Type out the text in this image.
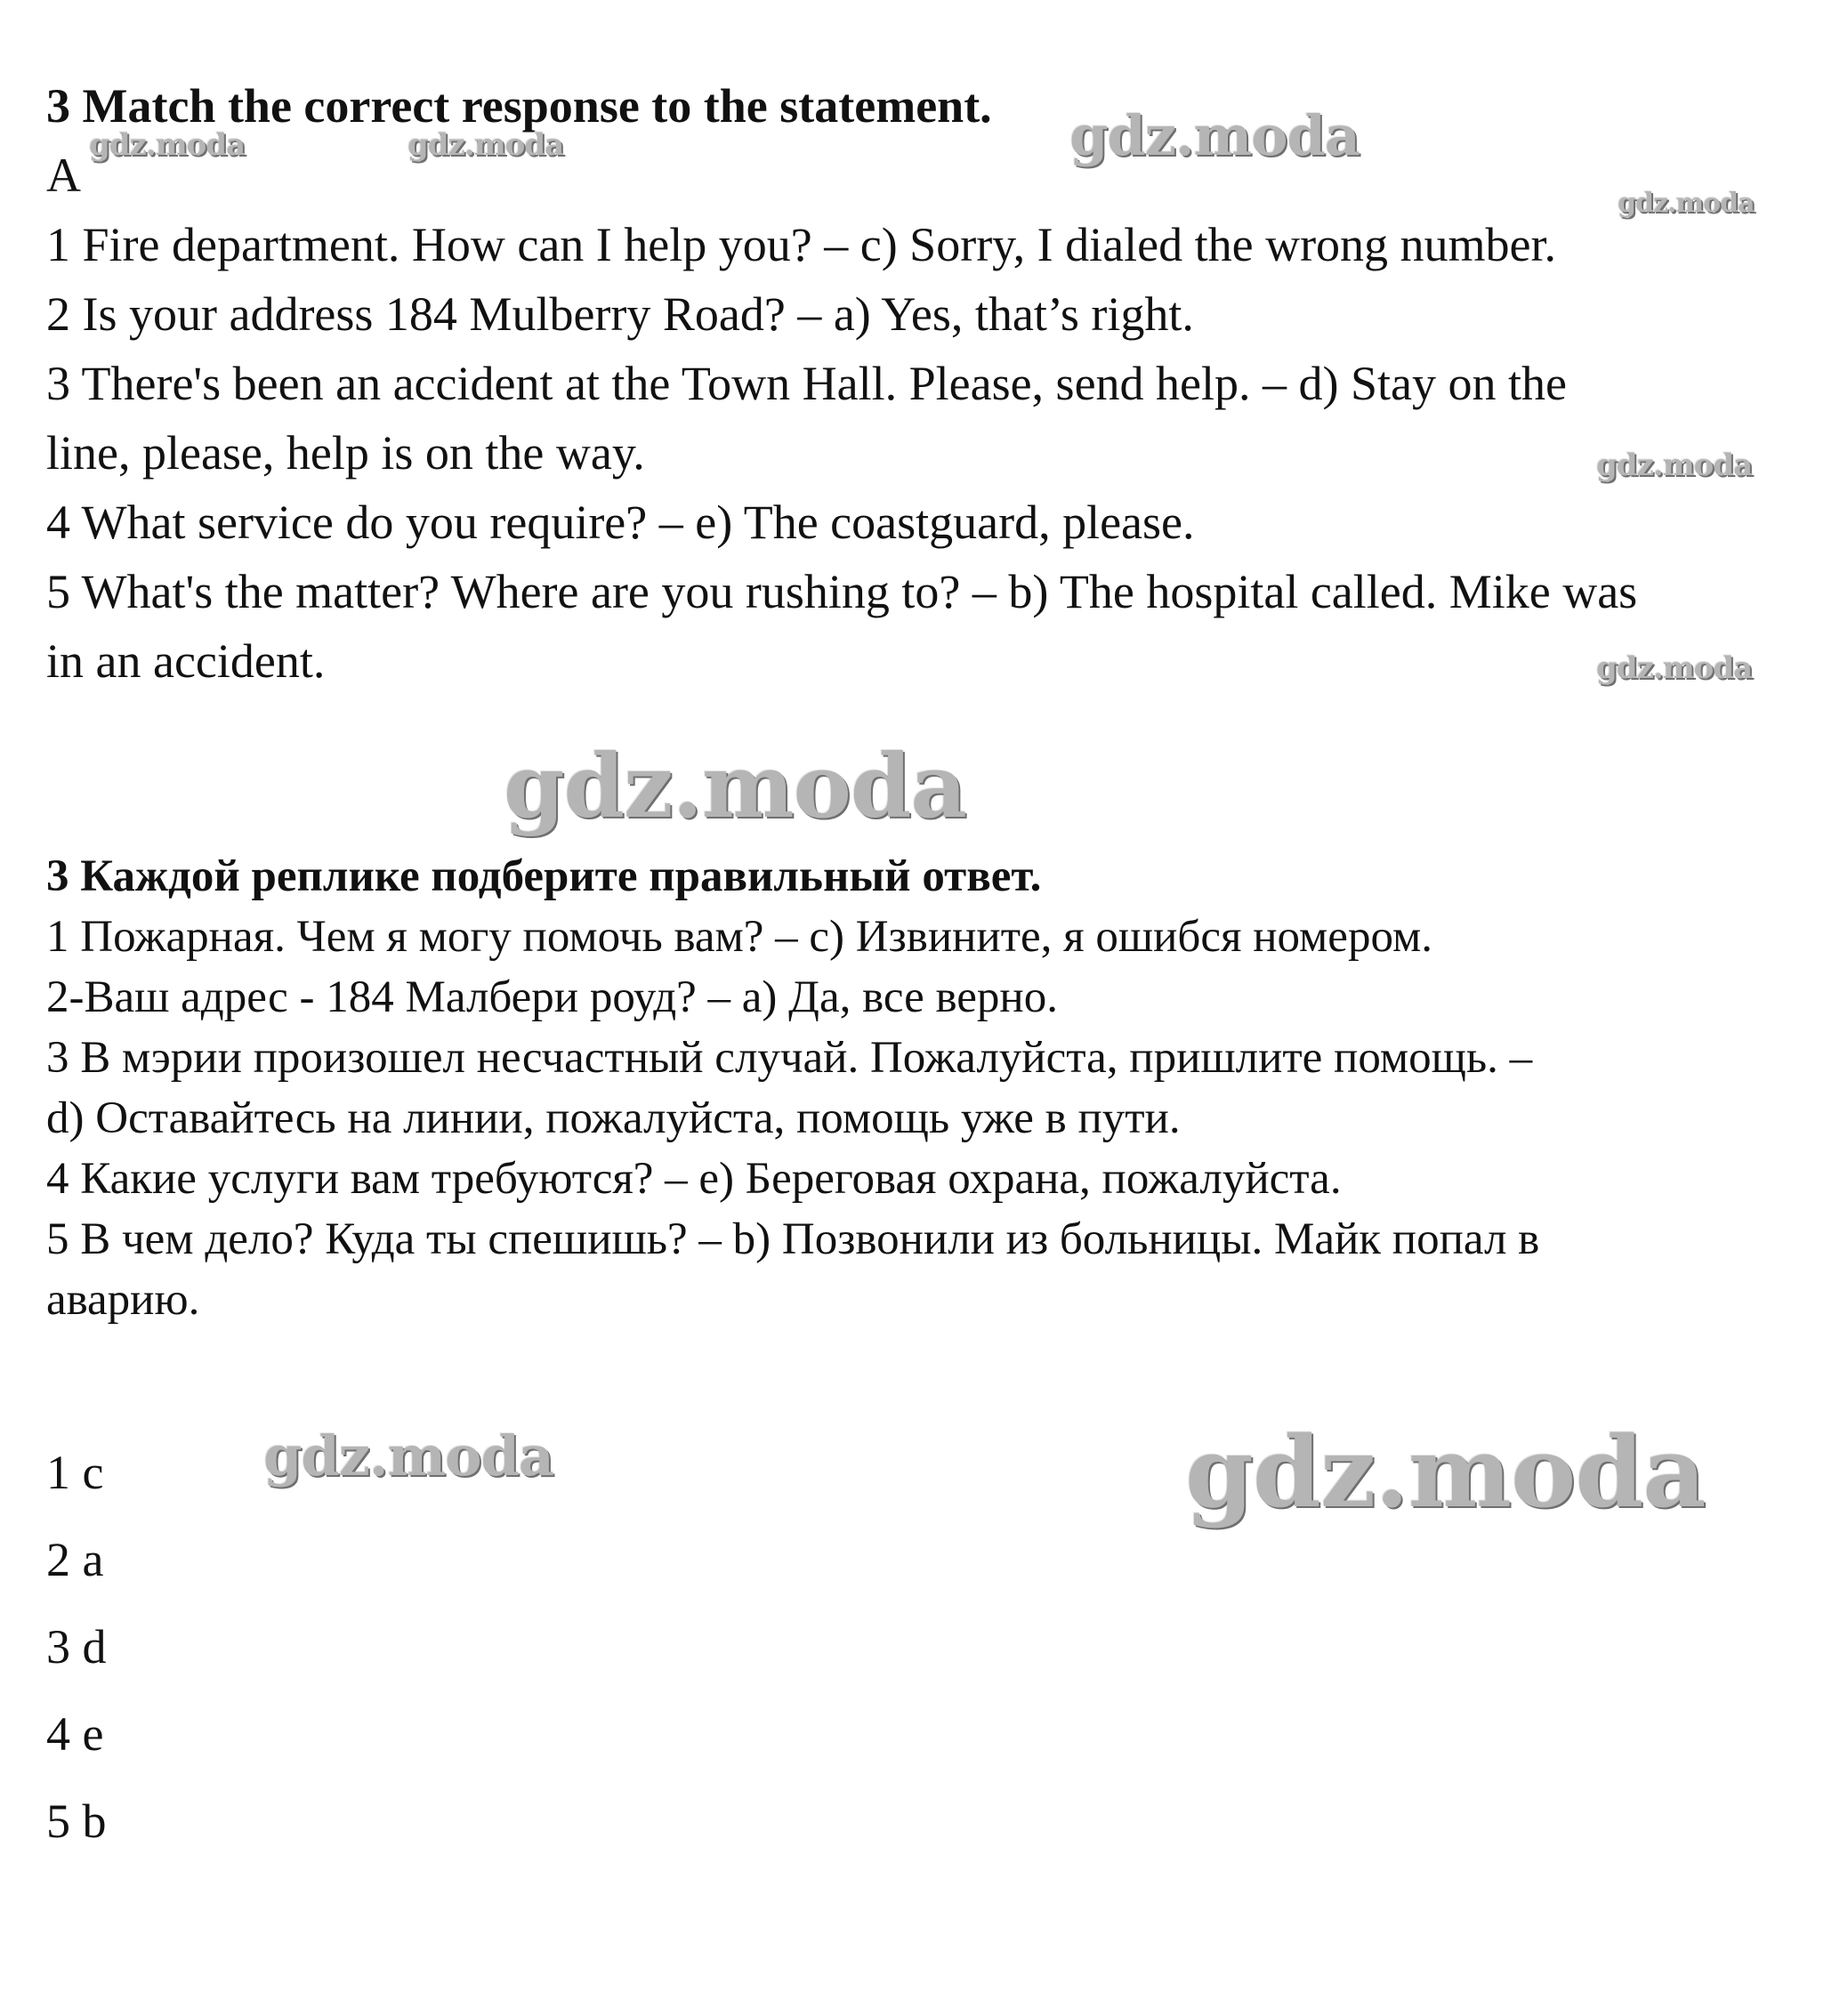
3 Match the correct response to the statement.
A
1 Fire department. How can I help you? – c) Sorry, I dialed the wrong number.
2 Is your address 184 Mulberry Road? – a) Yes, that’s right.
3 There's been an accident at the Town Hall. Please, send help. – d) Stay on the
line, please, help is on the way.
4 What service do you require? – e) The coastguard, please.
5 What's the matter? Where are you rushing to? – b) The hospital called. Mike was
in an accident.
3 Каждой реплике подберите правильный ответ.
1 Пожарная. Чем я могу помочь вам? – c) Извините, я ошибся номером.
2-Ваш адрес - 184 Малбери роуд? – a) Да, все верно.
3 В мэрии произошел несчастный случай. Пожалуйста, пришлите помощь. –
d) Оставайтесь на линии, пожалуйста, помощь уже в пути.
4 Какие услуги вам требуются? – e) Береговая охрана, пожалуйста.
5 В чем дело? Куда ты спешишь? – b) Позвонили из больницы. Майк попал в
аварию.
1 c
2 a
3 d
4 e
5 b
gdz.moda	gdz.moda	gdz.moda
gdz.moda
gdz.moda
gdz.moda
gdz.moda
gdz.moda	gdz.moda
